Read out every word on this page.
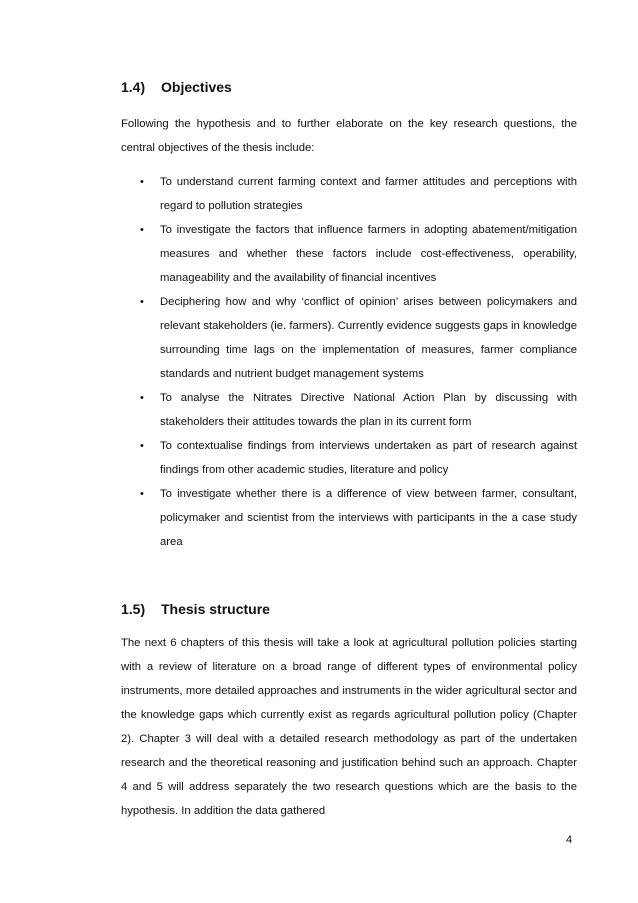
1.4) Objectives

Following the hypothesis and to further elaborate on the key research questions, the central objectives of the thesis include:

• To understand current farming context and farmer attitudes and perceptions with regard to pollution strategies
• To investigate the factors that influence farmers in adopting abatement/mitigation measures and whether these factors include cost-effectiveness, operability, manageability and the availability of financial incentives
• Deciphering how and why ‘conflict of opinion’ arises between policymakers and relevant stakeholders (ie. farmers). Currently evidence suggests gaps in knowledge surrounding time lags on the implementation of measures, farmer compliance standards and nutrient budget management systems
• To analyse the Nitrates Directive National Action Plan by discussing with stakeholders their attitudes towards the plan in its current form
• To contextualise findings from interviews undertaken as part of research against findings from other academic studies, literature and policy
• To investigate whether there is a difference of view between farmer, consultant, policymaker and scientist from the interviews with participants in the a case study area
1.5) Thesis structure

The next 6 chapters of this thesis will take a look at agricultural pollution policies starting with a review of literature on a broad range of different types of environmental policy instruments, more detailed approaches and instruments in the wider agricultural sector and the knowledge gaps which currently exist as regards agricultural pollution policy (Chapter 2). Chapter 3 will deal with a detailed research methodology as part of the undertaken research and the theoretical reasoning and justification behind such an approach. Chapter 4 and 5 will address separately the two research questions which are the basis to the hypothesis. In addition the data gathered

4
